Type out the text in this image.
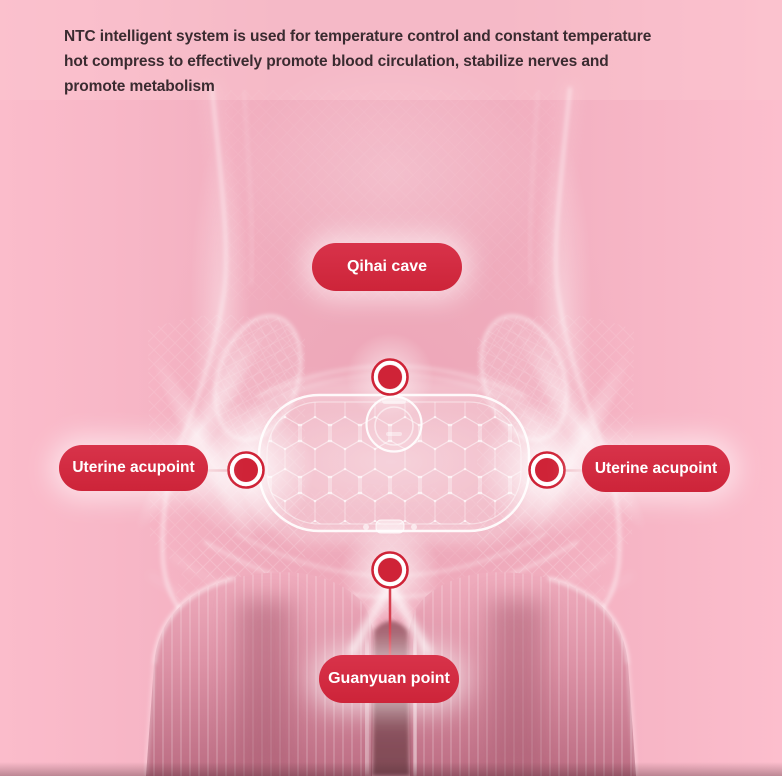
NTC intelligent system is used for temperature control and constant temperature
hot compress to effectively promote blood circulation, stabilize nerves and
promote metabolism

Qihai cave
Uterine acupoint	Uterine acupoint
Guanyuan point
